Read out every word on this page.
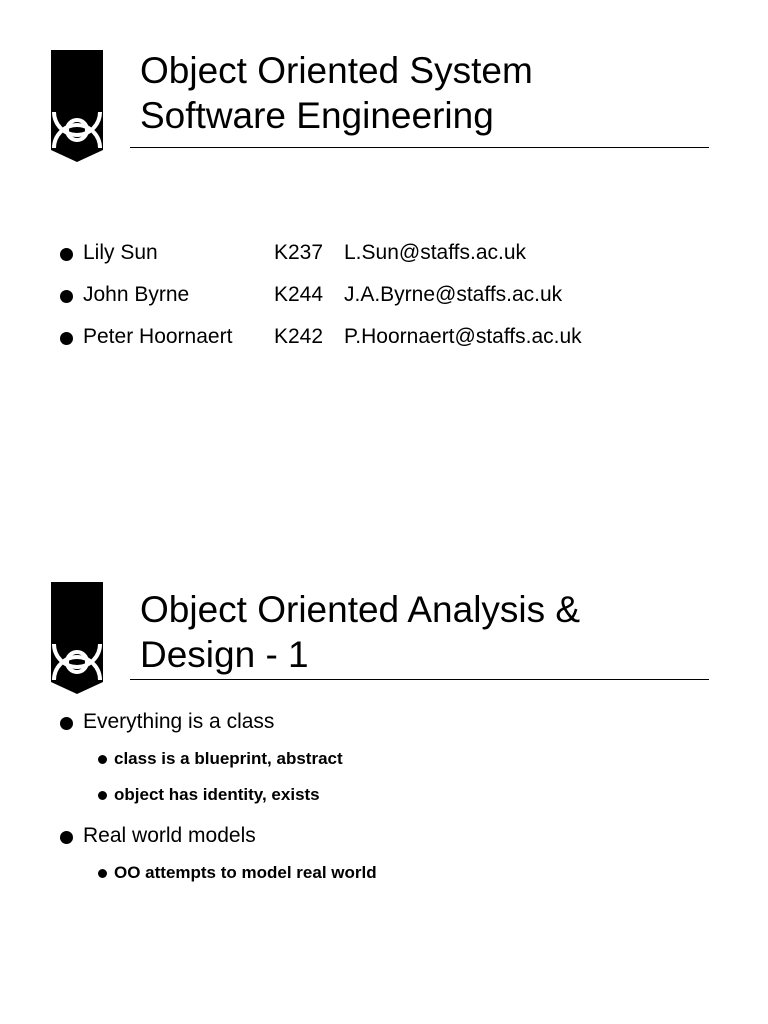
Object Oriented System
Software Engineering
Lily Sun	K237 L.Sun@staffs.ac.uk
John Byrne	K244 J.A.Byrne@staffs.ac.uk
Peter Hoornaert K242 P.Hoornaert@staffs.ac.uk
Object Oriented Analysis &
Design - 1
Everything is a class
class is a blueprint, abstract
object has identity, exists
Real world models
OO attempts to model real world
